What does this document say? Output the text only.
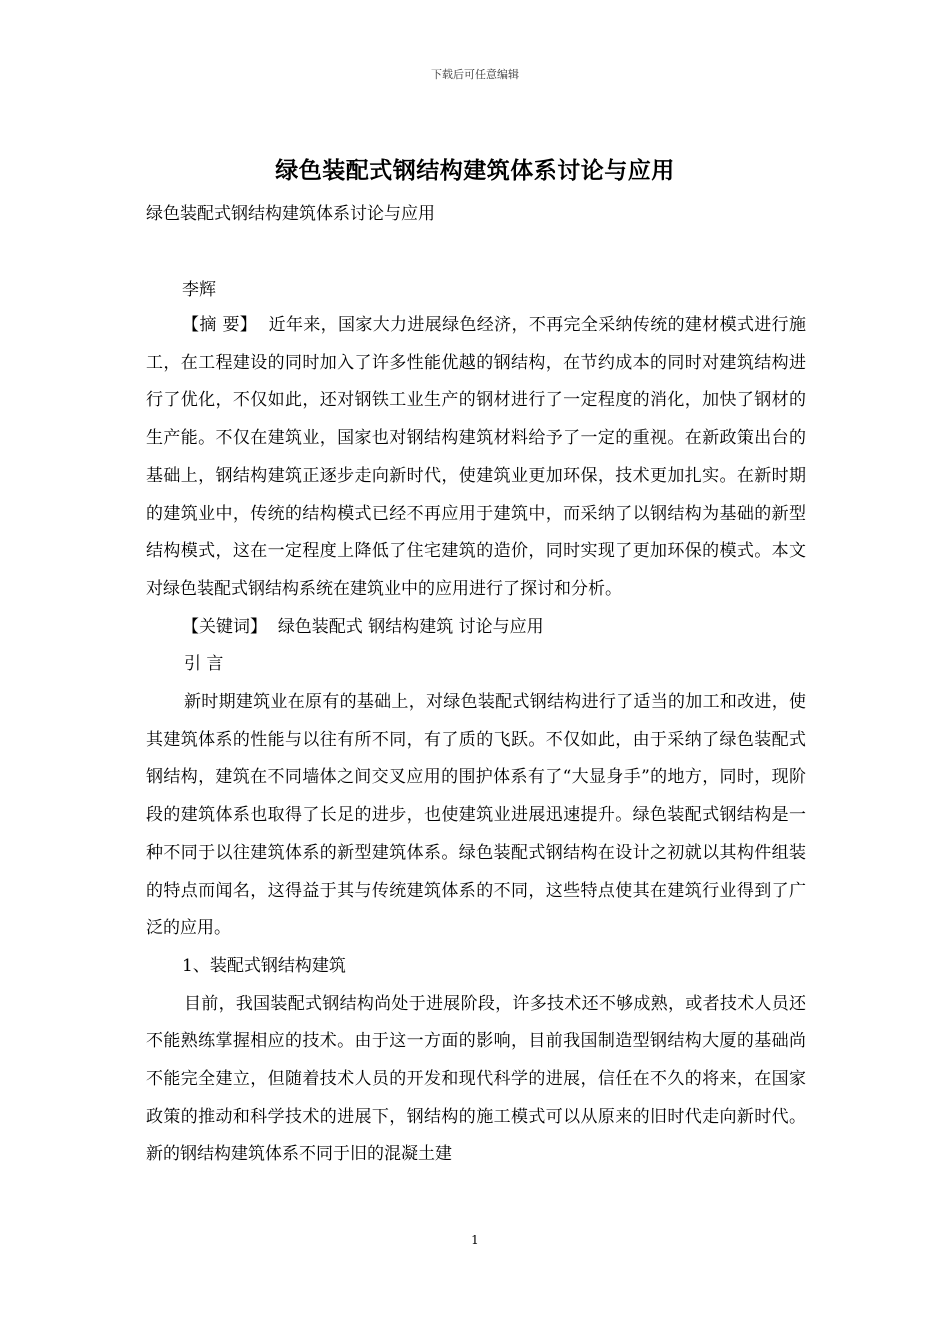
下载后可任意编辑
绿色装配式钢结构建筑体系讨论与应用
绿色装配式钢结构建筑体系讨论与应用
李辉

【摘 要】 近年来，国家大力进展绿色经济，不再完全采纳传统的建材模式进行施工，在工程建设的同时加入了许多性能优越的钢结构，在节约成本的同时对建筑结构进行了优化，不仅如此，还对钢铁工业生产的钢材进行了一定程度的消化，加快了钢材的生产能。不仅在建筑业，国家也对钢结构建筑材料给予了一定的重视。在新政策出台的基础上，钢结构建筑正逐步走向新时代，使建筑业更加环保，技术更加扎实。在新时期的建筑业中，传统的结构模式已经不再应用于建筑中，而采纳了以钢结构为基础的新型结构模式，这在一定程度上降低了住宅建筑的造价，同时实现了更加环保的模式。本文对绿色装配式钢结构系统在建筑业中的应用进行了探讨和分析。

【关键词】 绿色装配式 钢结构建筑 讨论与应用

引 言

新时期建筑业在原有的基础上，对绿色装配式钢结构进行了适当的加工和改进，使其建筑体系的性能与以往有所不同，有了质的飞跃。不仅如此，由于采纳了绿色装配式钢结构，建筑在不同墙体之间交叉应用的围护体系有了“大显身手”的地方，同时，现阶段的建筑体系也取得了长足的进步，也使建筑业进展迅速提升。绿色装配式钢结构是一种不同于以往建筑体系的新型建筑体系。绿色装配式钢结构在设计之初就以其构件组装的特点而闻名，这得益于其与传统建筑体系的不同，这些特点使其在建筑行业得到了广泛的应用。

1、装配式钢结构建筑

目前，我国装配式钢结构尚处于进展阶段，许多技术还不够成熟，或者技术人员还不能熟练掌握相应的技术。由于这一方面的影响，目前我国制造型钢结构大厦的基础尚不能完全建立，但随着技术人员的开发和现代科学的进展，信任在不久的将来，在国家政策的推动和科学技术的进展下，钢结构的施工模式可以从原来的旧时代走向新时代。新的钢结构建筑体系不同于旧的混凝土建

1
